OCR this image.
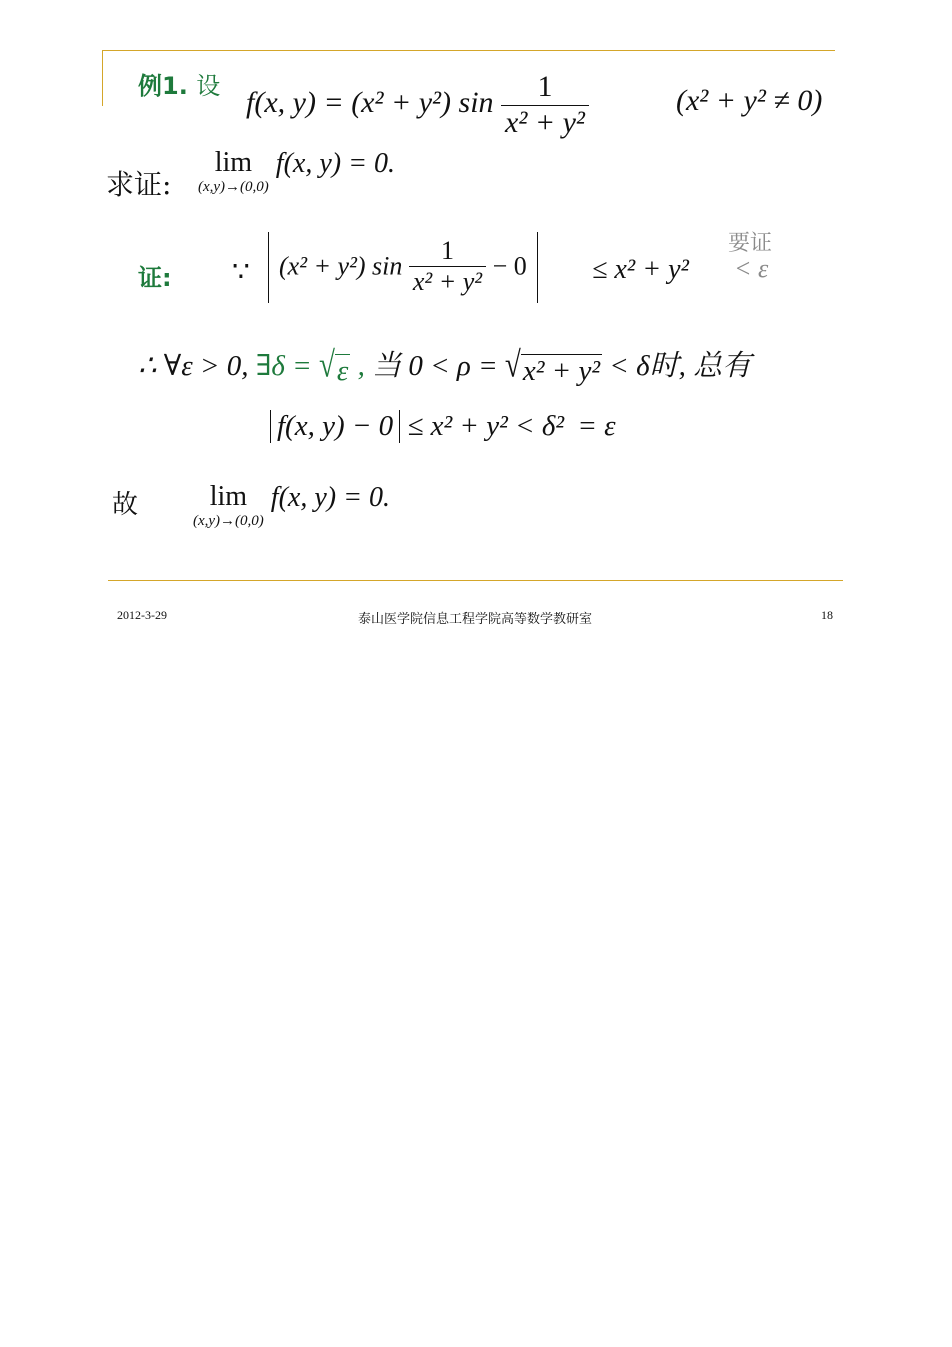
例1. 设 f(x, y) = (x² + y²) $\sin \frac{1}{\text{x² + y²}}$	(x² + y² ≠ 0)
求证:
lim
(x,y)→(0,0)
f(x, y) = 0.
证: ∵	(x² + y²) $\sin \frac{1}{\text{x² + y²}} - 0$	≤ x² + y²
要证
< ε
∴ ∀ε > 0, ∃δ = √ ε , 当 0 < ρ = √ x² + y² < δ时, 总有
f(x, y) − 0 ≤ x² + y² < δ² = ε
故	lim
(x,y)→(0,0)
f(x, y) = 0.
2012-3-29	泰山医学院信息工程学院高等数学教研室	18
